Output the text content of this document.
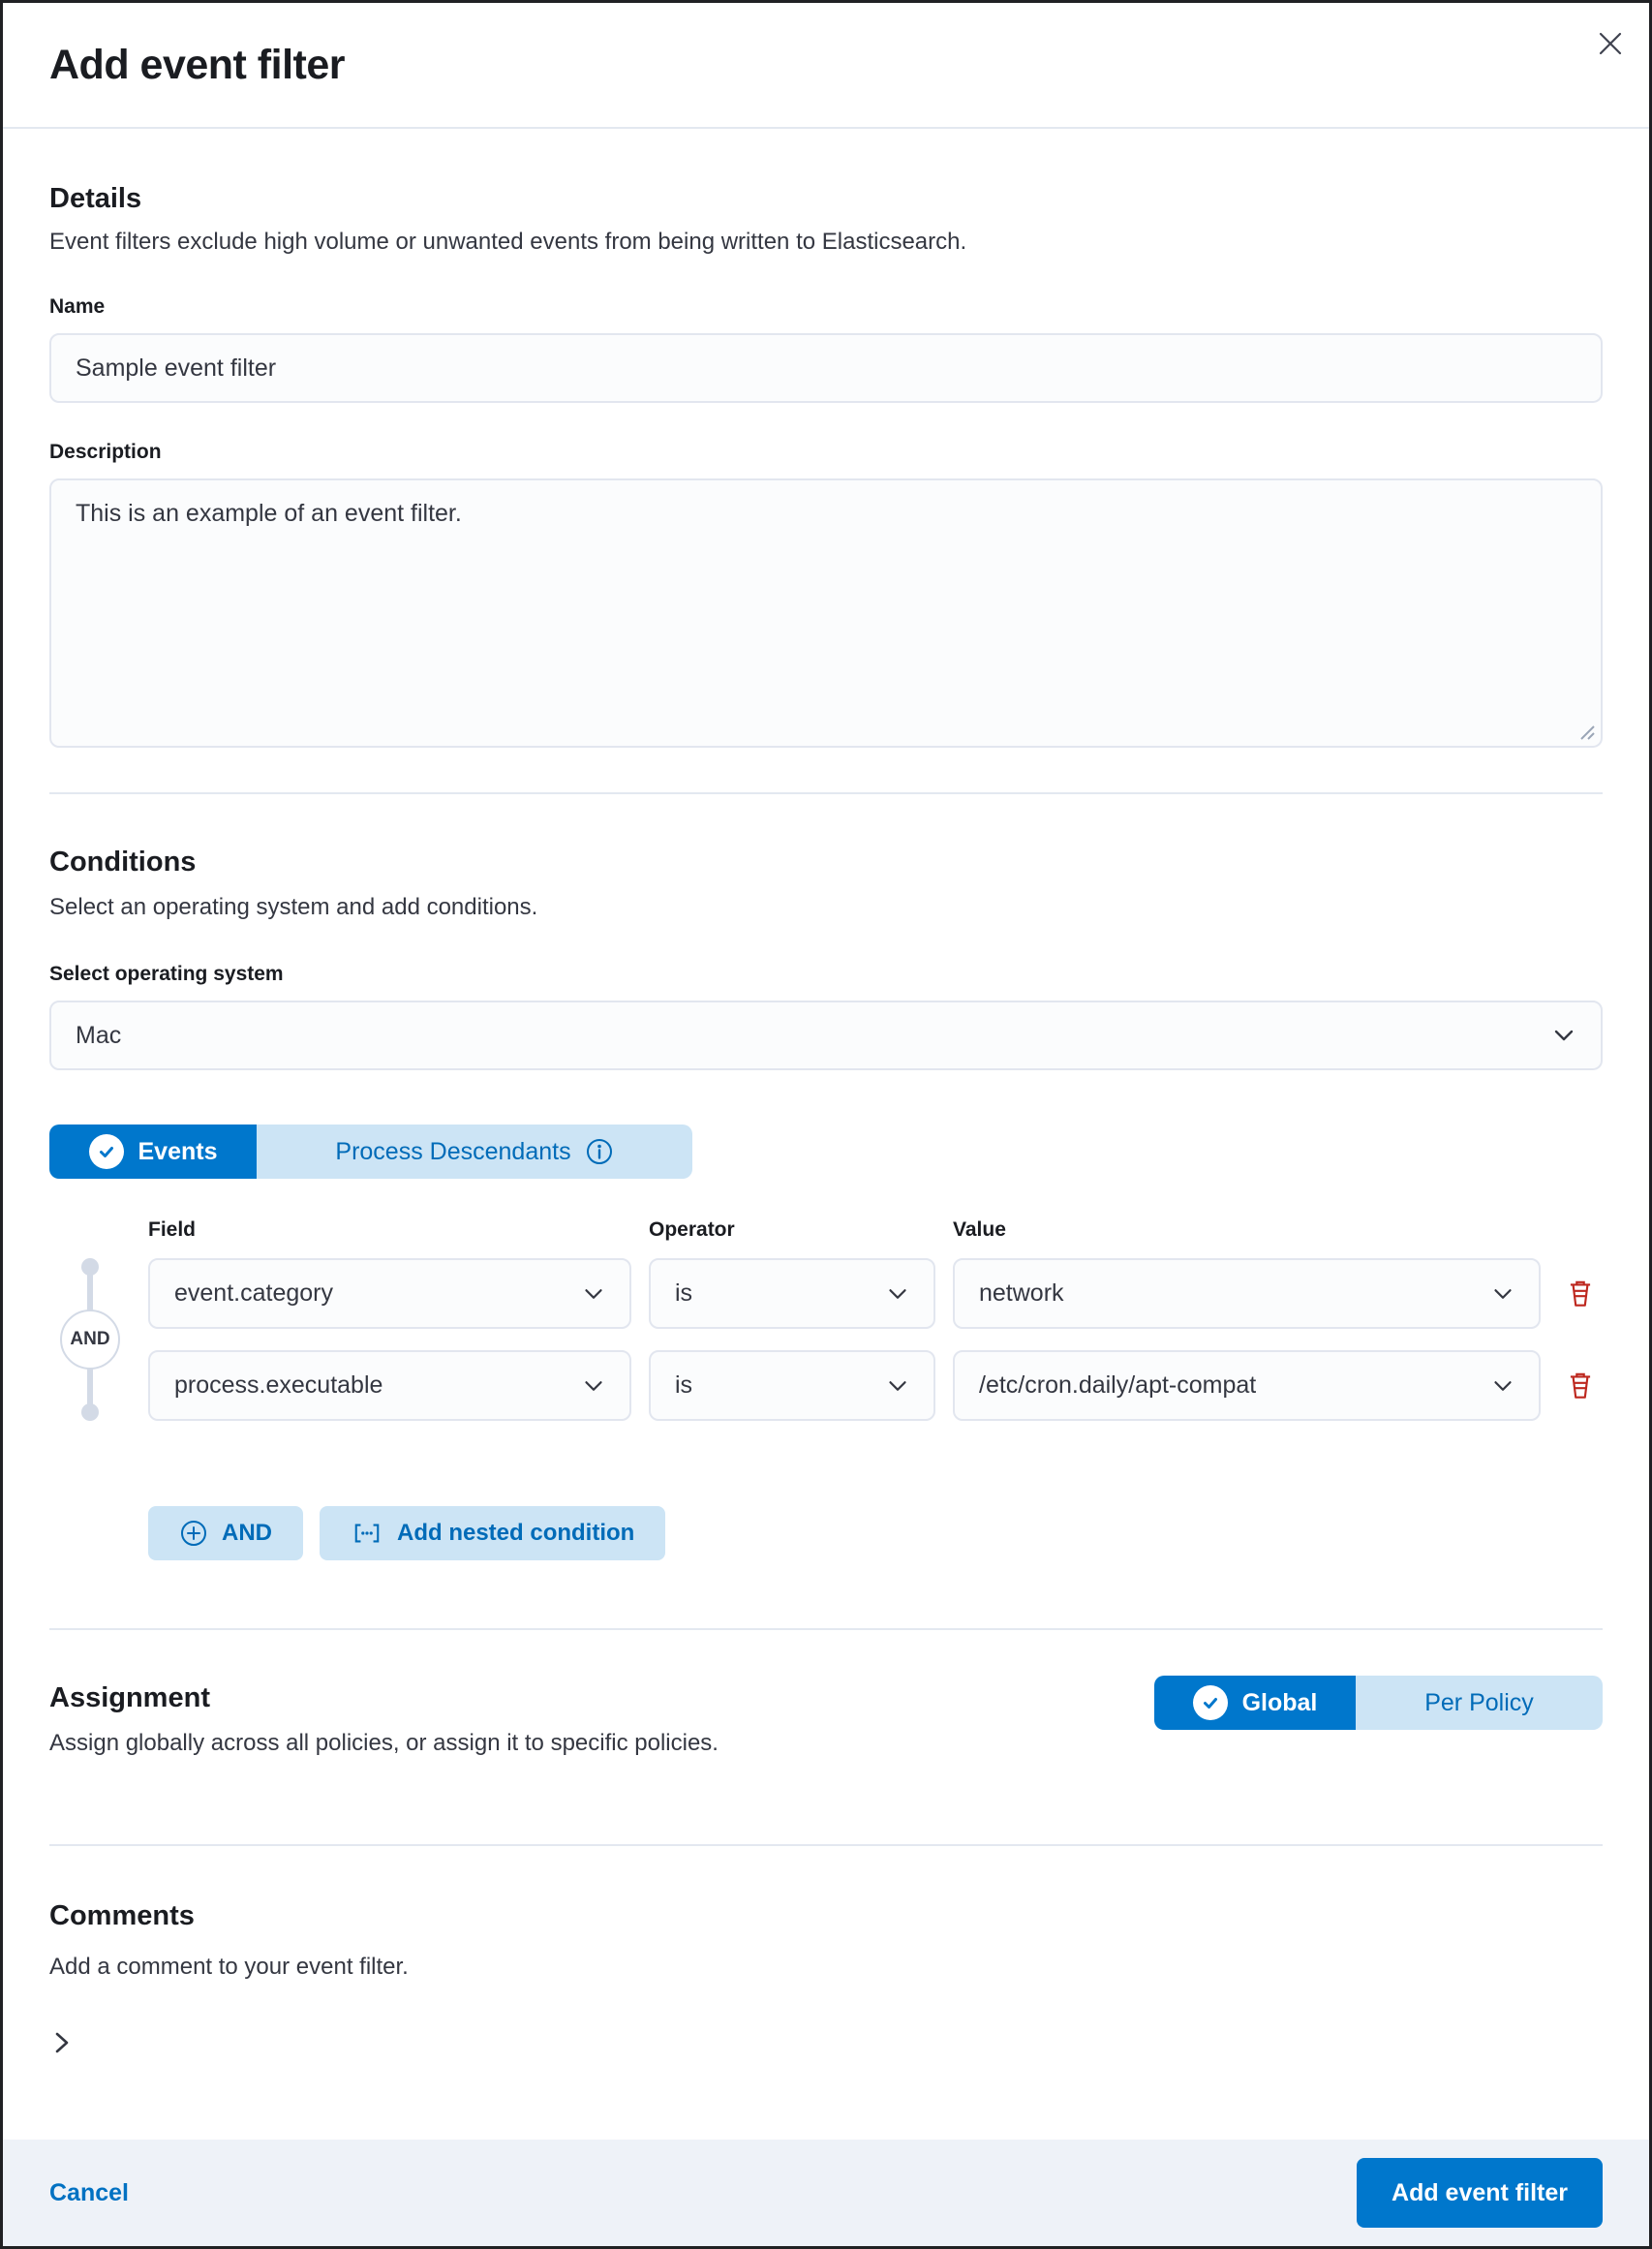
Add event filter
Details
Event filters exclude high volume or unwanted events from being written to Elasticsearch.
Name
Sample event filter
Description
This is an example of an event filter.
Conditions
Select an operating system and add conditions.
Select operating system
Mac
Events	Process Descendants
Field	Operator	Value
AND
event.category	is	network
process.executable	is	/etc/cron.daily/apt-compat
AND	Add nested condition
Assignment
Assign globally across all policies, or assign it to specific policies.
Global	Per Policy
Comments
Add a comment to your event filter.
Cancel	Add event filter
